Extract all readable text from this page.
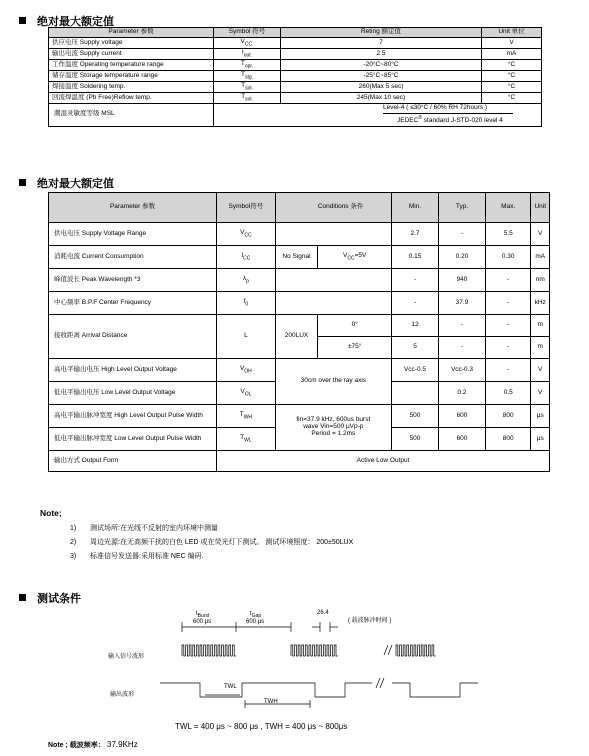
绝对最大额定值
Parameter 参数	Symbol 符号	Reting 额定值	Unit 单位
供应电压 Supply voltage	$V_{CC.}$	7	V
输出电流 Supply current	$I_{out.}$	2.5	mA
工作温度 Operating temperature range	$T_{opr.}$	-20°C~80°C	°C
储存温度 Storage temperature range	$T_{stg.}$	-25°C~85°C	°C
焊接温度 Soldering temp.	$T_{sol.}$	260(Max 5 sec)	°C
回流焊温度 (Pb Free)Reflow temp.	$T_{sol.}$	245(Max 10 sec)	°C
潮湿灵敏度等级 MSL	Level-4 ( ≤30°C / 60% RH 72hours )
JEDEC® standard J-STD-020 level 4		
绝对最大额定值
Parameter 参数	Symbol符号		Conditions 条件	Min.	Typ.	Max.	Unit
供电电压 Supply Voltage Range	$V_{CC}$			2.7	-	5.5	V
消耗电流 Current Consumption	$I_{CC}$	No Signal	$V_{CC}=5V$	0.15	0.20	0.30	mA
峰值波长 Peak Wavelength *3	$\lambda_p$			-	940	-	nm
中心频率 B.P.F Center Frequency	$f_0$			-	37.9	-	kHz
接收距离 Arrival Distance	L	200LUX	0°	12	-	-	m
			±75°	5	-	-	m
高电平输出电压 High Level Output Voltage	$V_{OH}$	30cm over the ray axis		Vcc-0.5	Vcc-0.3	-	V
低电平输出电压 Low Level Output Voltage	$V_{OL}$				0.2	0.5	V
高电平输出脉冲宽度 High Level Output Pulse Width	$T_{WH}$	fin=37.9 kHz, 600us burst
wave Vin=500 μVp-p
Period = 1.2ms		500	600	800	μs
低电平输出脉冲宽度 Low Level Output Pulse Width	$T_{WL}$			500	600	800	μs
输出方式 Output Form	Active Low Output						
Note;
1) 测试场所:在光线不反射的室内环境中测量
2) 周边光源:在无高频干扰的白色 LED 或在荧光灯下测试。 测试环境照度： 200±50LUX
3) 标准信号发送器:采用标准 NEC 编码.
测试条件
$t_{Burst}$
600 μs
$t_{Gap}$
600 μs
26.4
( 载波脉冲时间 )
输入信号波形
输出波形
TWL
TWH
TWL = 400 μs ~ 800 μs , TWH = 400 μs ~ 800μs
Note ; 载波频率： 37.9KHz
